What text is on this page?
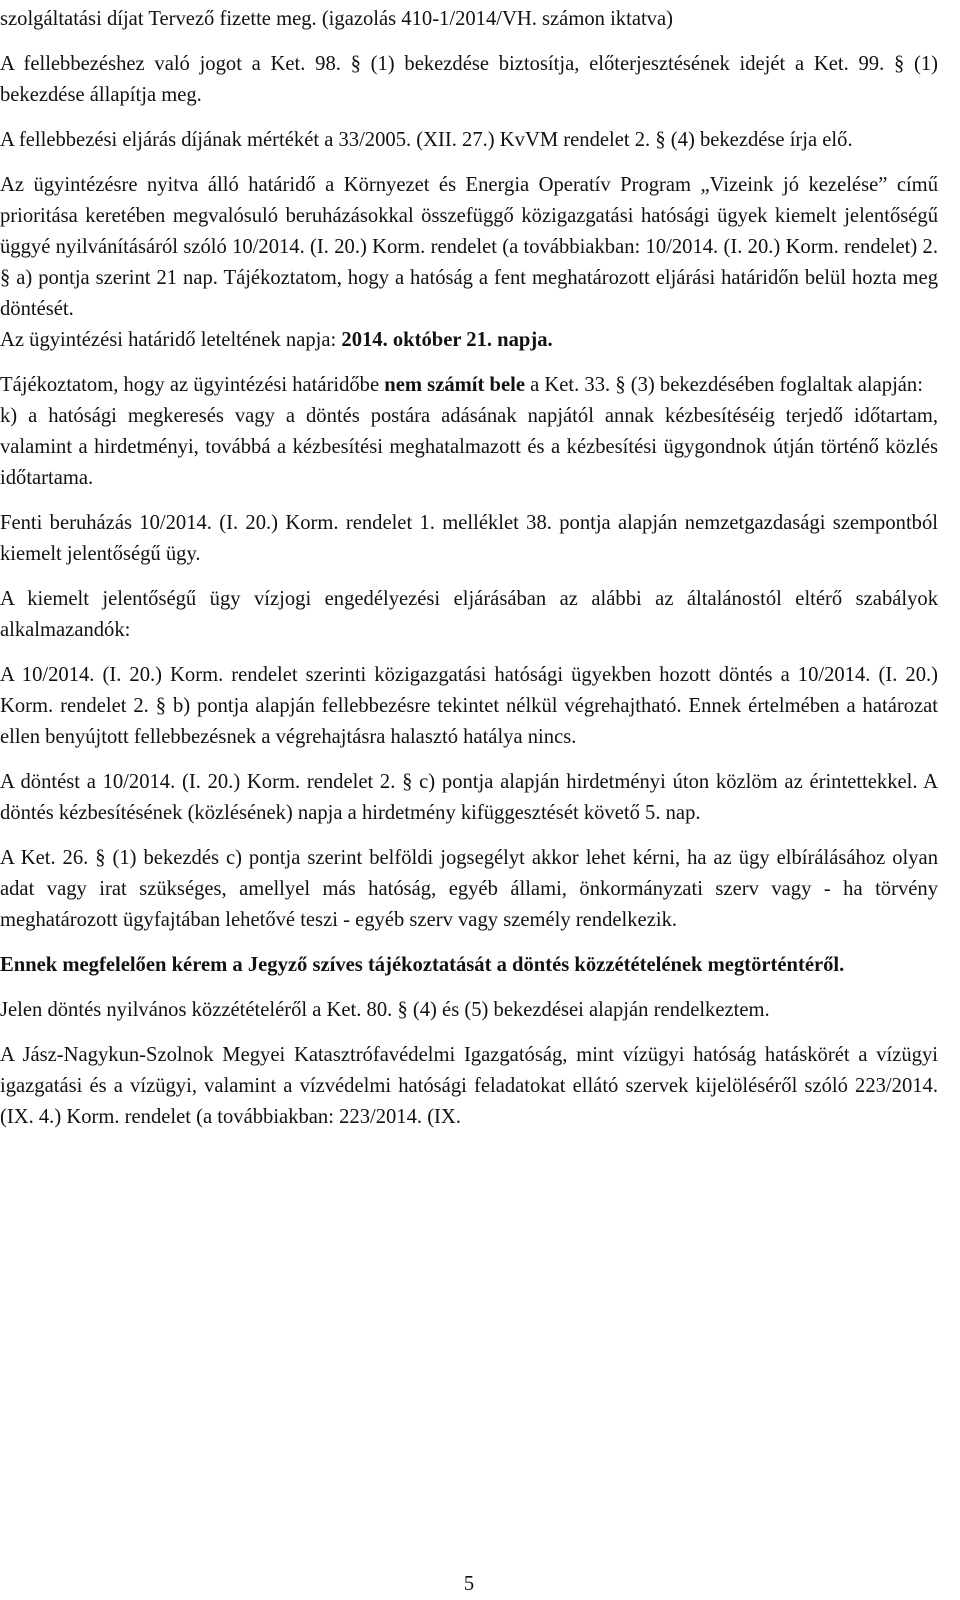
szolgáltatási díjat Tervező fizette meg. (igazolás 410-1/2014/VH. számon iktatva)

A fellebbezéshez való jogot a Ket. 98. § (1) bekezdése biztosítja, előterjesztésének idejét a Ket. 99. § (1) bekezdése állapítja meg.

A fellebbezési eljárás díjának mértékét a 33/2005. (XII. 27.) KvVM rendelet 2. § (4) bekezdése írja elő.

Az ügyintézésre nyitva álló határidő a Környezet és Energia Operatív Program „Vizeink jó kezelése” című prioritása keretében megvalósuló beruházásokkal összefüggő közigazgatási hatósági ügyek kiemelt jelentőségű üggyé nyilvánításáról szóló 10/2014. (I. 20.) Korm. rendelet (a továbbiakban: 10/2014. (I. 20.) Korm. rendelet) 2. § a) pontja szerint 21 nap. Tájékoztatom, hogy a hatóság a fent meghatározott eljárási határidőn belül hozta meg döntését.
Az ügyintézési határidő leteltének napja: 2014. október 21. napja.

Tájékoztatom, hogy az ügyintézési határidőbe nem számít bele a Ket. 33. § (3) bekezdésében foglaltak alapján:
k) a hatósági megkeresés vagy a döntés postára adásának napjától annak kézbesítéséig terjedő időtartam, valamint a hirdetményi, továbbá a kézbesítési meghatalmazott és a kézbesítési ügygondnok útján történő közlés időtartama.

Fenti beruházás 10/2014. (I. 20.) Korm. rendelet 1. melléklet 38. pontja alapján nemzetgazdasági szempontból kiemelt jelentőségű ügy.

A kiemelt jelentőségű ügy vízjogi engedélyezési eljárásában az alábbi az általánostól eltérő szabályok alkalmazandók:

A 10/2014. (I. 20.) Korm. rendelet szerinti közigazgatási hatósági ügyekben hozott döntés a 10/2014. (I. 20.) Korm. rendelet 2. § b) pontja alapján fellebbezésre tekintet nélkül végrehajtható. Ennek értelmében a határozat ellen benyújtott fellebbezésnek a végrehajtásra halasztó hatálya nincs.

A döntést a 10/2014. (I. 20.) Korm. rendelet 2. § c) pontja alapján hirdetményi úton közlöm az érintettekkel. A döntés kézbesítésének (közlésének) napja a hirdetmény kifüggesztését követő 5. nap.

A Ket. 26. § (1) bekezdés c) pontja szerint belföldi jogsegélyt akkor lehet kérni, ha az ügy elbírálásához olyan adat vagy irat szükséges, amellyel más hatóság, egyéb állami, önkormányzati szerv vagy - ha törvény meghatározott ügyfajtában lehetővé teszi - egyéb szerv vagy személy rendelkezik.

Ennek megfelelően kérem a Jegyző szíves tájékoztatását a döntés közzétételének megtörténtéről.

Jelen döntés nyilvános közzétételéről a Ket. 80. § (4) és (5) bekezdései alapján rendelkeztem.

A Jász-Nagykun-Szolnok Megyei Katasztrófavédelmi Igazgatóság, mint vízügyi hatóság hatáskörét a vízügyi igazgatási és a vízügyi, valamint a vízvédelmi hatósági feladatokat ellátó szervek kijelöléséről szóló 223/2014. (IX. 4.) Korm. rendelet (a továbbiakban: 223/2014. (IX.

5
